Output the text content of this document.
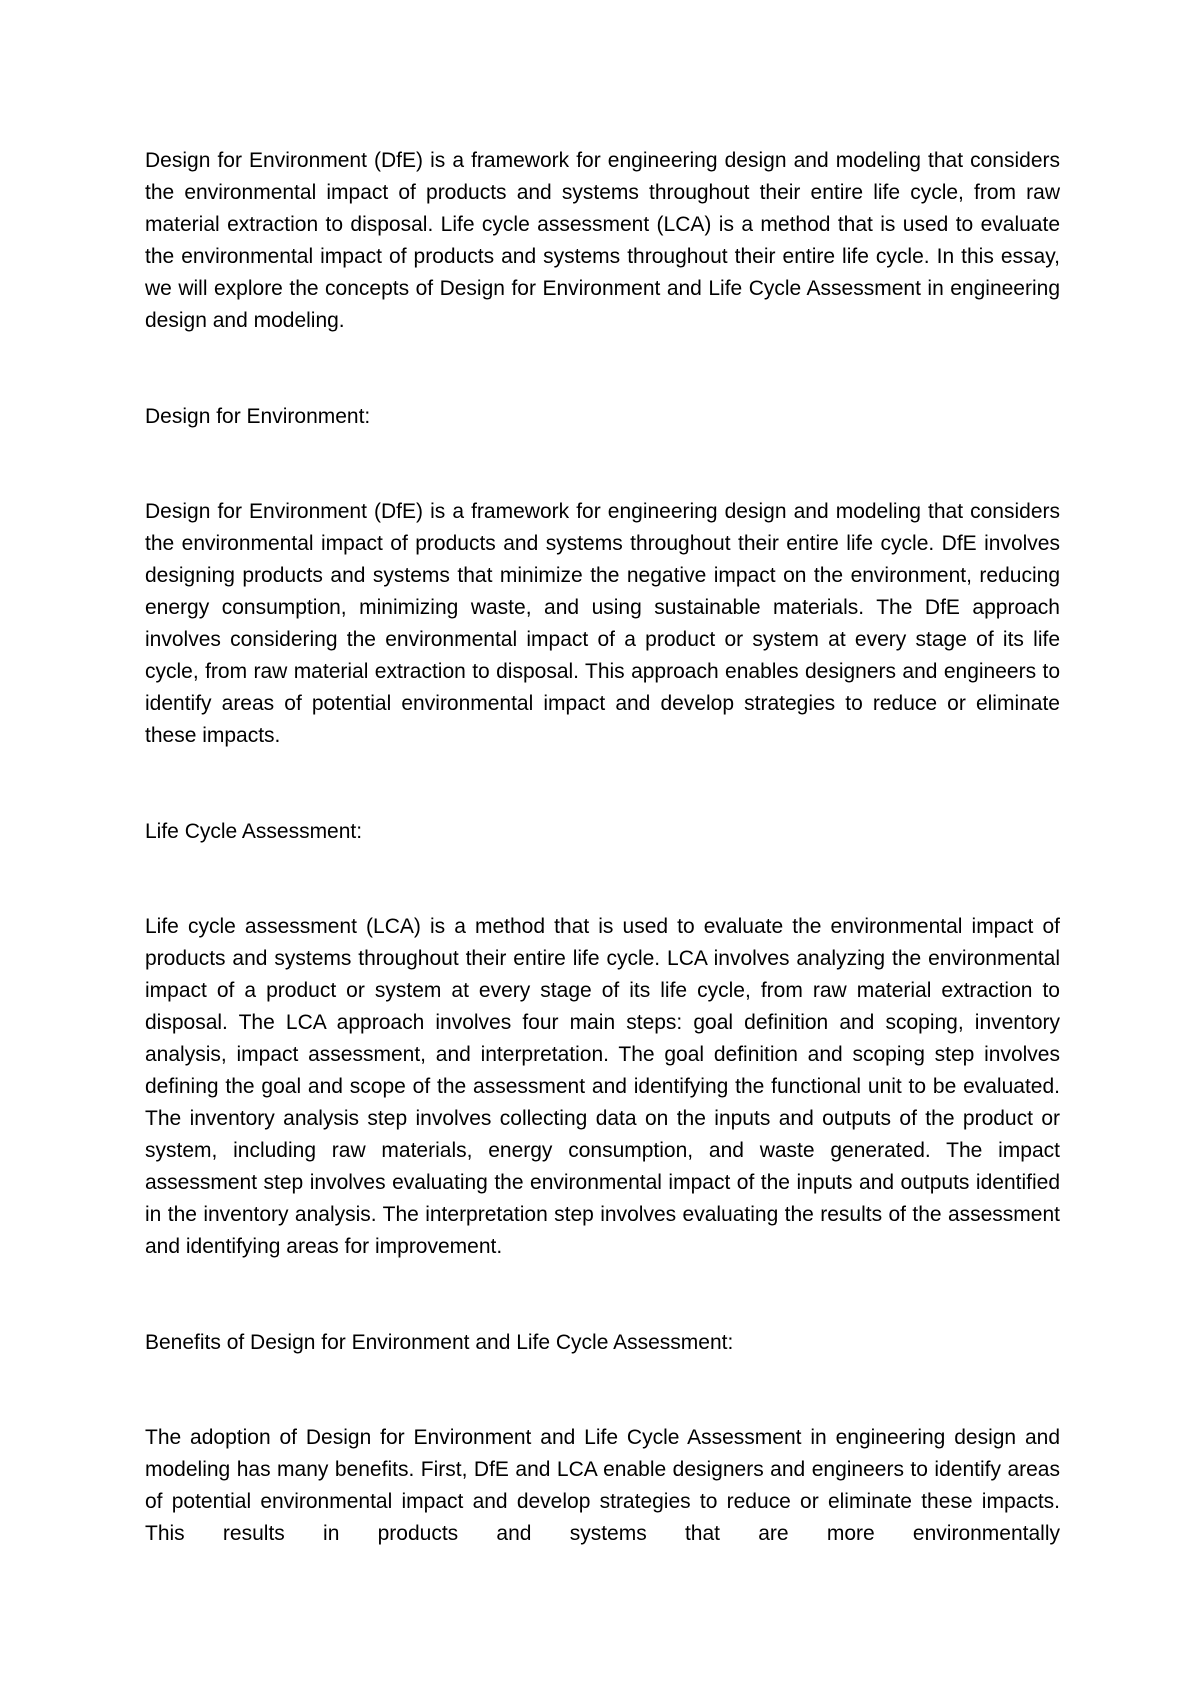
Design for Environment (DfE) is a framework for engineering design and modeling that considers the environmental impact of products and systems throughout their entire life cycle, from raw material extraction to disposal. Life cycle assessment (LCA) is a method that is used to evaluate the environmental impact of products and systems throughout their entire life cycle. In this essay, we will explore the concepts of Design for Environment and Life Cycle Assessment in engineering design and modeling.

Design for Environment:

Design for Environment (DfE) is a framework for engineering design and modeling that considers the environmental impact of products and systems throughout their entire life cycle. DfE involves designing products and systems that minimize the negative impact on the environment, reducing energy consumption, minimizing waste, and using sustainable materials. The DfE approach involves considering the environmental impact of a product or system at every stage of its life cycle, from raw material extraction to disposal. This approach enables designers and engineers to identify areas of potential environmental impact and develop strategies to reduce or eliminate these impacts.

Life Cycle Assessment:

Life cycle assessment (LCA) is a method that is used to evaluate the environmental impact of products and systems throughout their entire life cycle. LCA involves analyzing the environmental impact of a product or system at every stage of its life cycle, from raw material extraction to disposal. The LCA approach involves four main steps: goal definition and scoping, inventory analysis, impact assessment, and interpretation. The goal definition and scoping step involves defining the goal and scope of the assessment and identifying the functional unit to be evaluated. The inventory analysis step involves collecting data on the inputs and outputs of the product or system, including raw materials, energy consumption, and waste generated. The impact assessment step involves evaluating the environmental impact of the inputs and outputs identified in the inventory analysis. The interpretation step involves evaluating the results of the assessment and identifying areas for improvement.

Benefits of Design for Environment and Life Cycle Assessment:

The adoption of Design for Environment and Life Cycle Assessment in engineering design and modeling has many benefits. First, DfE and LCA enable designers and engineers to identify areas of potential environmental impact and develop strategies to reduce or eliminate these impacts. This results in products and systems that are more environmentally
